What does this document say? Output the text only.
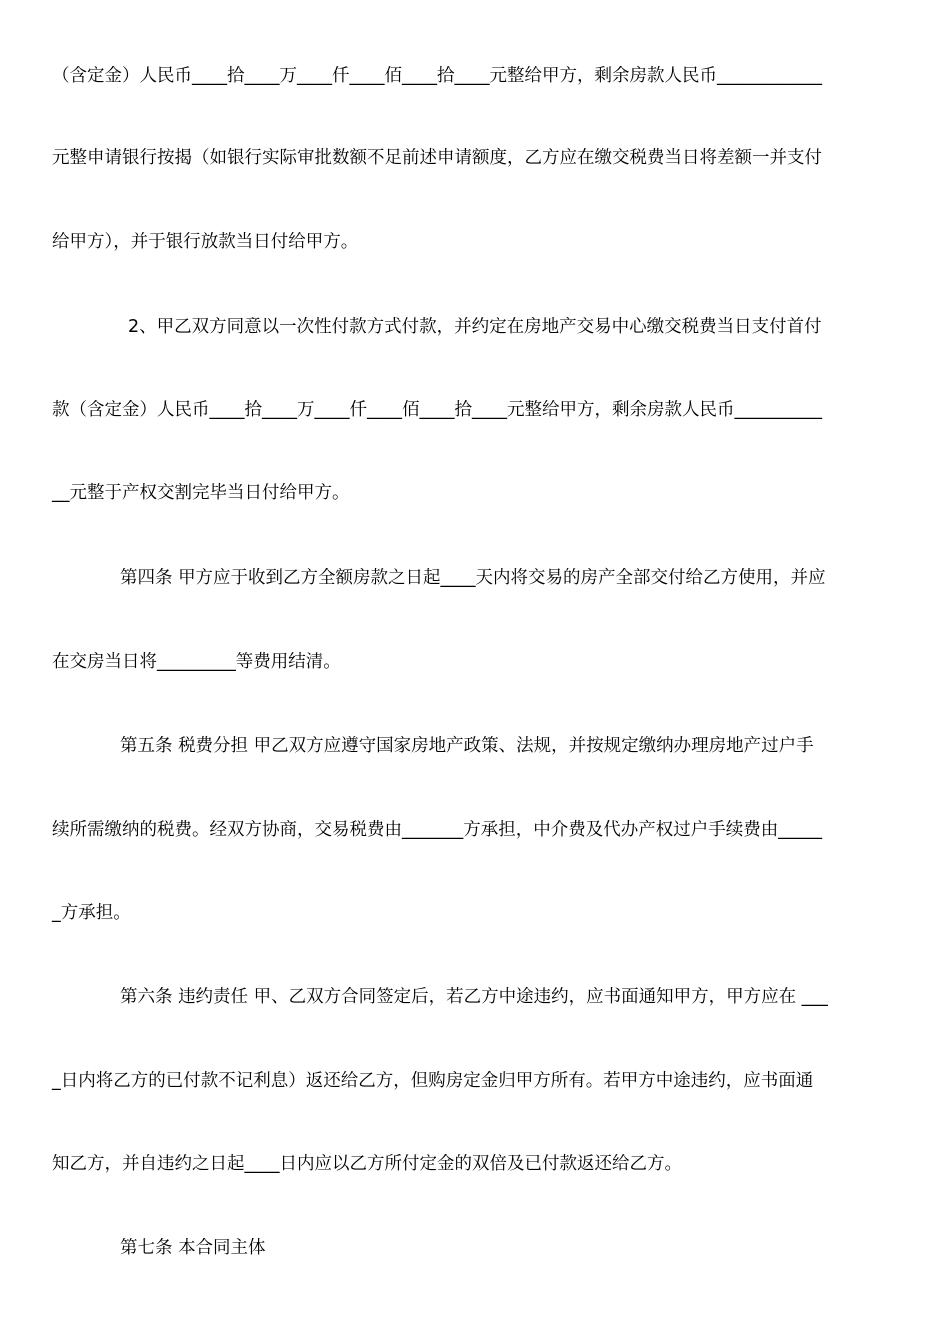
（含定金）人民币____拾____万____仟____佰____拾____元整给甲方，剩余房款人民币____________
元整申请银行按揭（如银行实际审批数额不足前述申请额度，乙方应在缴交税费当日将差额一并支付
给甲方），并于银行放款当日付给甲方。
2、甲乙双方同意以一次性付款方式付款，并约定在房地产交易中心缴交税费当日支付首付
款（含定金）人民币____拾____万____仟____佰____拾____元整给甲方，剩余房款人民币__________
__元整于产权交割完毕当日付给甲方。
第四条 甲方应于收到乙方全额房款之日起____天内将交易的房产全部交付给乙方使用，并应
在交房当日将_________等费用结清。
第五条 税费分担 甲乙双方应遵守国家房地产政策、法规，并按规定缴纳办理房地产过户手
续所需缴纳的税费。经双方协商，交易税费由_______方承担，中介费及代办产权过户手续费由_____
_方承担。
第六条 违约责任 甲、乙双方合同签定后，若乙方中途违约，应书面通知甲方，甲方应在 ___
_日内将乙方的已付款不记利息）返还给乙方，但购房定金归甲方所有。若甲方中途违约，应书面通
知乙方，并自违约之日起____日内应以乙方所付定金的双倍及已付款返还给乙方。
第七条 本合同主体
